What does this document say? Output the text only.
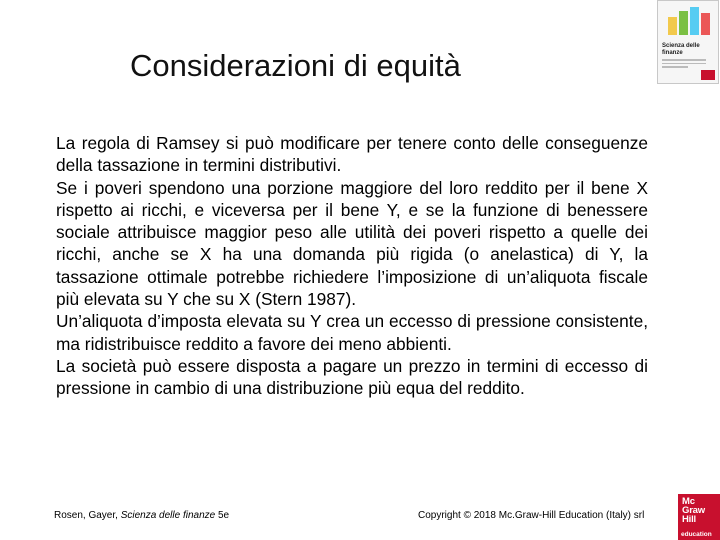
Considerazioni di equità

La regola di Ramsey si può modificare per tenere conto delle conseguenze della tassazione in termini distributivi.

Se i poveri spendono una porzione maggiore del loro reddito per il bene X rispetto ai ricchi, e viceversa per il bene Y, e se la funzione di benessere sociale attribuisce maggior peso alle utilità dei poveri rispetto a quelle dei ricchi, anche se X ha una domanda più rigida (o anelastica) di Y, la tassazione ottimale potrebbe richiedere l’imposizione di un’aliquota fiscale più elevata su Y che su X (Stern 1987).

Un’aliquota d’imposta elevata su Y crea un eccesso di pressione consistente, ma ridistribuisce reddito a favore dei meno abbienti.

La società può essere disposta a pagare un prezzo in termini di eccesso di pressione in cambio di una distribuzione più equa del reddito.

Rosen, Gayer, Scienza delle finanze 5e	Copyright © 2018 Mc.Graw-Hill Education (Italy) srl
Scienza delle finanze
Mc
Graw
Hill
education
